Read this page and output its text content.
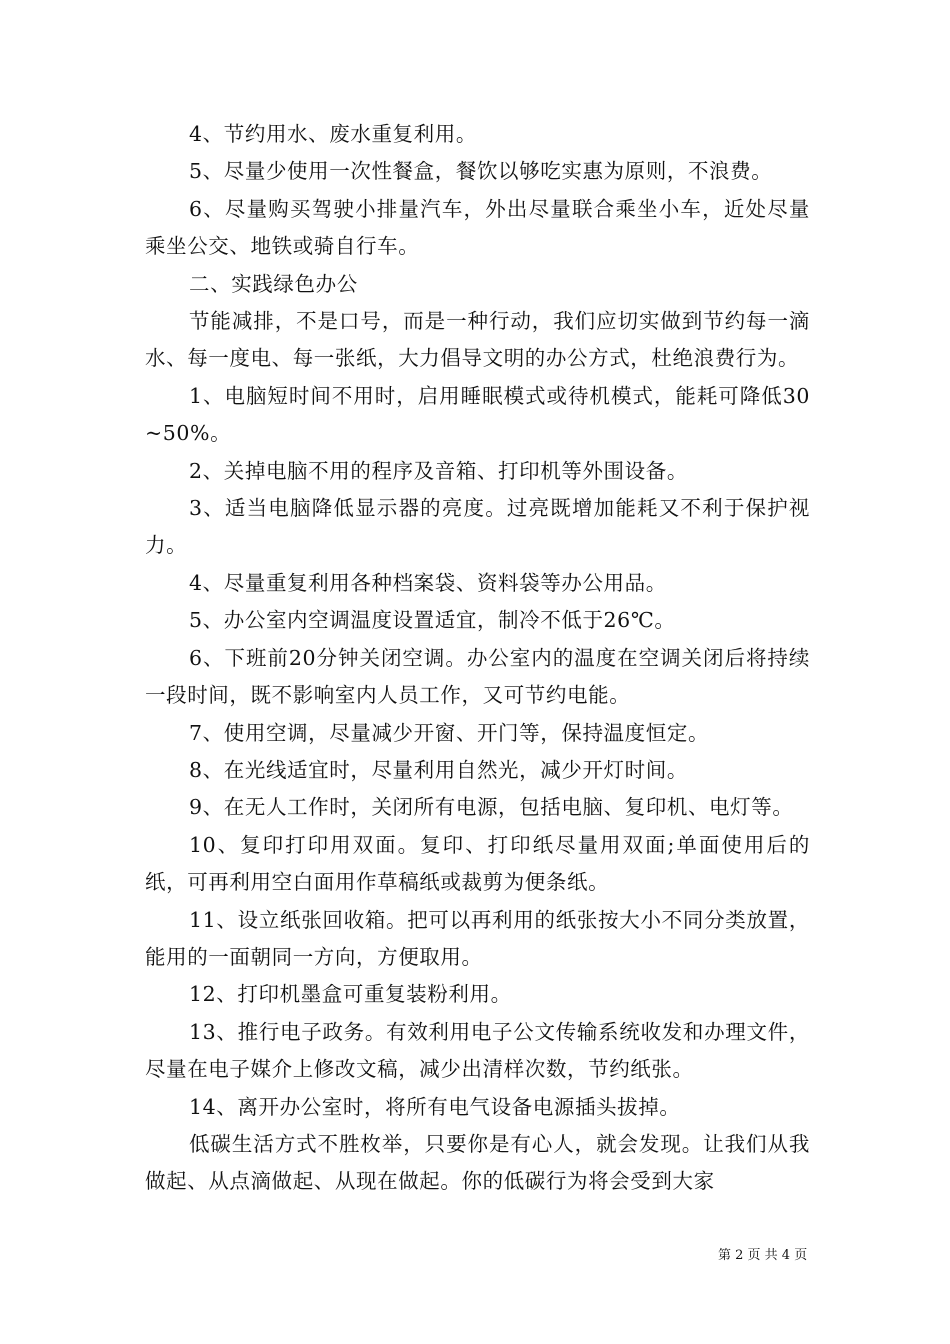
4、节约用水、废水重复利用。

5、尽量少使用一次性餐盒，餐饮以够吃实惠为原则，不浪费。

6、尽量购买驾驶小排量汽车，外出尽量联合乘坐小车，近处尽量乘坐公交、地铁或骑自行车。

二、实践绿色办公

节能减排，不是口号，而是一种行动，我们应切实做到节约每一滴水、每一度电、每一张纸，大力倡导文明的办公方式，杜绝浪费行为。

1、电脑短时间不用时，启用睡眠模式或待机模式，能耗可降低30~50%。

2、关掉电脑不用的程序及音箱、打印机等外围设备。

3、适当电脑降低显示器的亮度。过亮既增加能耗又不利于保护视力。

4、尽量重复利用各种档案袋、资料袋等办公用品。

5、办公室内空调温度设置适宜，制冷不低于26℃。

6、下班前20分钟关闭空调。办公室内的温度在空调关闭后将持续一段时间，既不影响室内人员工作，又可节约电能。

7、使用空调，尽量减少开窗、开门等，保持温度恒定。

8、在光线适宜时，尽量利用自然光，减少开灯时间。

9、在无人工作时，关闭所有电源，包括电脑、复印机、电灯等。

10、复印打印用双面。复印、打印纸尽量用双面;单面使用后的纸，可再利用空白面用作草稿纸或裁剪为便条纸。

11、设立纸张回收箱。把可以再利用的纸张按大小不同分类放置，能用的一面朝同一方向，方便取用。

12、打印机墨盒可重复装粉利用。

13、推行电子政务。有效利用电子公文传输系统收发和办理文件，尽量在电子媒介上修改文稿，减少出清样次数，节约纸张。

14、离开办公室时，将所有电气设备电源插头拔掉。

低碳生活方式不胜枚举，只要你是有心人，就会发现。让我们从我做起、从点滴做起、从现在做起。你的低碳行为将会受到大家

第 2 页 共 4 页
